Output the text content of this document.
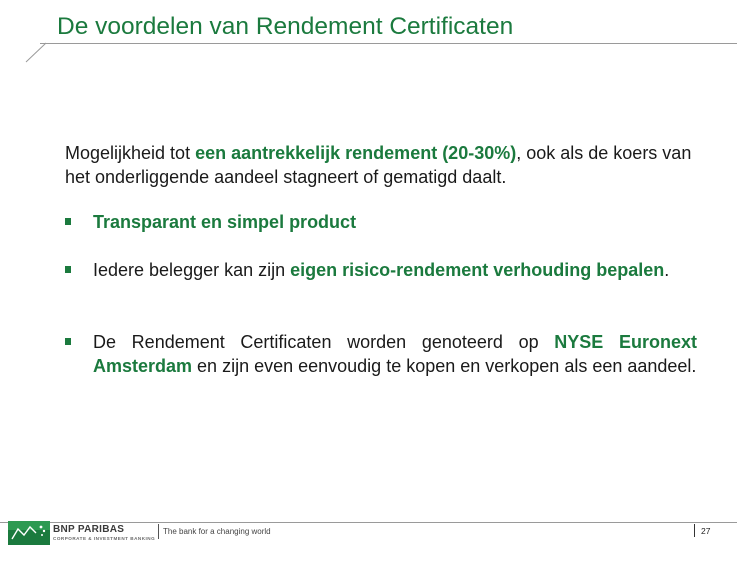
De voordelen van Rendement Certificaten
Mogelijkheid tot een aantrekkelijk rendement (20-30%), ook als de koers van het onderliggende aandeel stagneert of gematigd daalt.
Transparant en simpel product
Iedere belegger kan zijn eigen risico-rendement verhouding bepalen.
De Rendement Certificaten worden genoteerd op NYSE Euronext Amsterdam en zijn even eenvoudig te kopen en verkopen als een aandeel.
BNP PARIBAS
CORPORATE & INVESTMENT BANKING
The bank for a changing world	27
